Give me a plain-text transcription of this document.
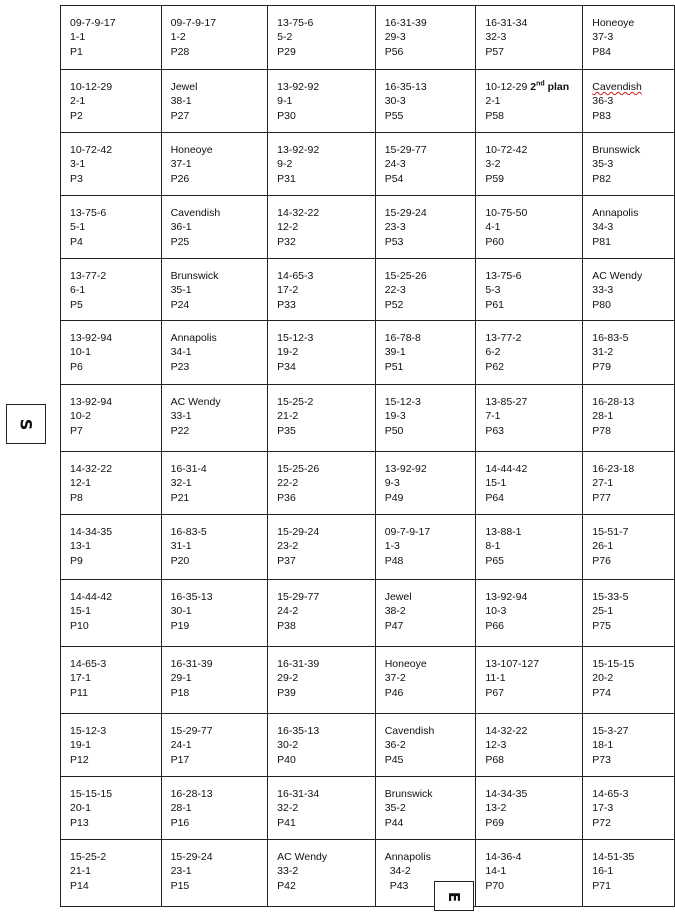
09-7-9-17
1-1
P1	09-7-9-17
1-2
P28	13-75-6
5-2
P29	16-31-39
29-3
P56	16-31-34
32-3
P57	Honeoye
37-3
P84

10-12-29
2-1
P2	Jewel
38-1
P27	13-92-92
9-1
P30	16-35-13
30-3
P55	10-12-29 2nd plan
2-1
P58	Cavendish
36-3
P83

10-72-42
3-1
P3	Honeoye
37-1
P26	13-92-92
9-2
P31	15-29-77
24-3
P54	10-72-42
3-2
P59	Brunswick
35-3
P82

13-75-6
5-1
P4	Cavendish
36-1
P25	14-32-22
12-2
P32	15-29-24
23-3
P53	10-75-50
4-1
P60	Annapolis
34-3
P81

13-77-2
6-1
P5	Brunswick
35-1
P24	14-65-3
17-2
P33	15-25-26
22-3
P52	13-75-6
5-3
P61	AC Wendy
33-3
P80

13-92-94
10-1
P6	Annapolis
34-1
P23	15-12-3
19-2
P34	16-78-8
39-1
P51	13-77-2
6-2
P62	16-83-5
31-2
P79

13-92-94
10-2
P7	AC Wendy
33-1
P22	15-25-2
21-2
P35	15-12-3
19-3
P50	13-85-27
7-1
P63	16-28-13
28-1
P78

14-32-22
12-1
P8	16-31-4
32-1
P21	15-25-26
22-2
P36	13-92-92
9-3
P49	14-44-42
15-1
P64	16-23-18
27-1
P77

14-34-35
13-1
P9	16-83-5
31-1
P20	15-29-24
23-2
P37	09-7-9-17
1-3
P48	13-88-1
8-1
P65	15-51-7
26-1
P76

14-44-42
15-1
P10	16-35-13
30-1
P19	15-29-77
24-2
P38	Jewel
38-2
P47	13-92-94
10-3
P66	15-33-5
25-1
P75

14-65-3
17-1
P11	16-31-39
29-1
P18	16-31-39
29-2
P39	Honeoye
37-2
P46	13-107-127
11-1
P67	15-15-15
20-2
P74

15-12-3
19-1
P12	15-29-77
24-1
P17	16-35-13
30-2
P40	Cavendish
36-2
P45	14-32-22
12-3
P68	15-3-27
18-1
P73

15-15-15
20-1
P13	16-28-13
28-1
P16	16-31-34
32-2
P41	Brunswick
35-2
P44	14-34-35
13-2
P69	14-65-3
17-3
P72

15-25-2
21-1
P14	15-29-24
23-1
P15	AC Wendy
33-2
P42	Annapolis
34-2
P43	14-36-4
14-1
P70	14-51-35
16-1
P71
S
E
